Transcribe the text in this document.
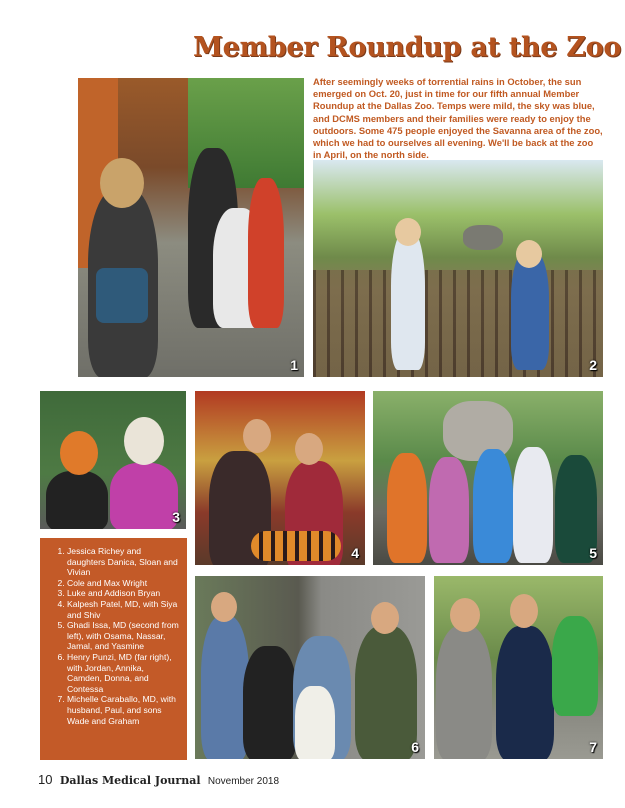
Member Roundup at the Zoo
After seemingly weeks of torrential rains in October, the sun emerged on Oct. 20, just in time for our fifth annual Member Roundup at the Dallas Zoo. Temps were mild, the sky was blue, and DCMS members and their families were ready to enjoy the outdoors. Some 475 people enjoyed the Savanna area of the zoo, which we had to ourselves all evening. We'll be back at the zoo in April, on the north side.
1	2
3
4	5
1. Jessica Richey and daughters Danica, Sloan and Vivian
2. Cole and Max Wright
3. Luke and Addison Bryan
4. Kalpesh Patel, MD, with Siya and Shiv
5. Ghadi Issa, MD (second from left), with Osama, Nassar, Jamal, and Yasmine
6. Henry Punzi, MD (far right), with Jordan, Annika, Camden, Donna, and Contessa
7. Michelle Caraballo, MD, with husband, Paul, and sons Wade and Graham
6	7
10 Dallas Medical Journal November 2018
